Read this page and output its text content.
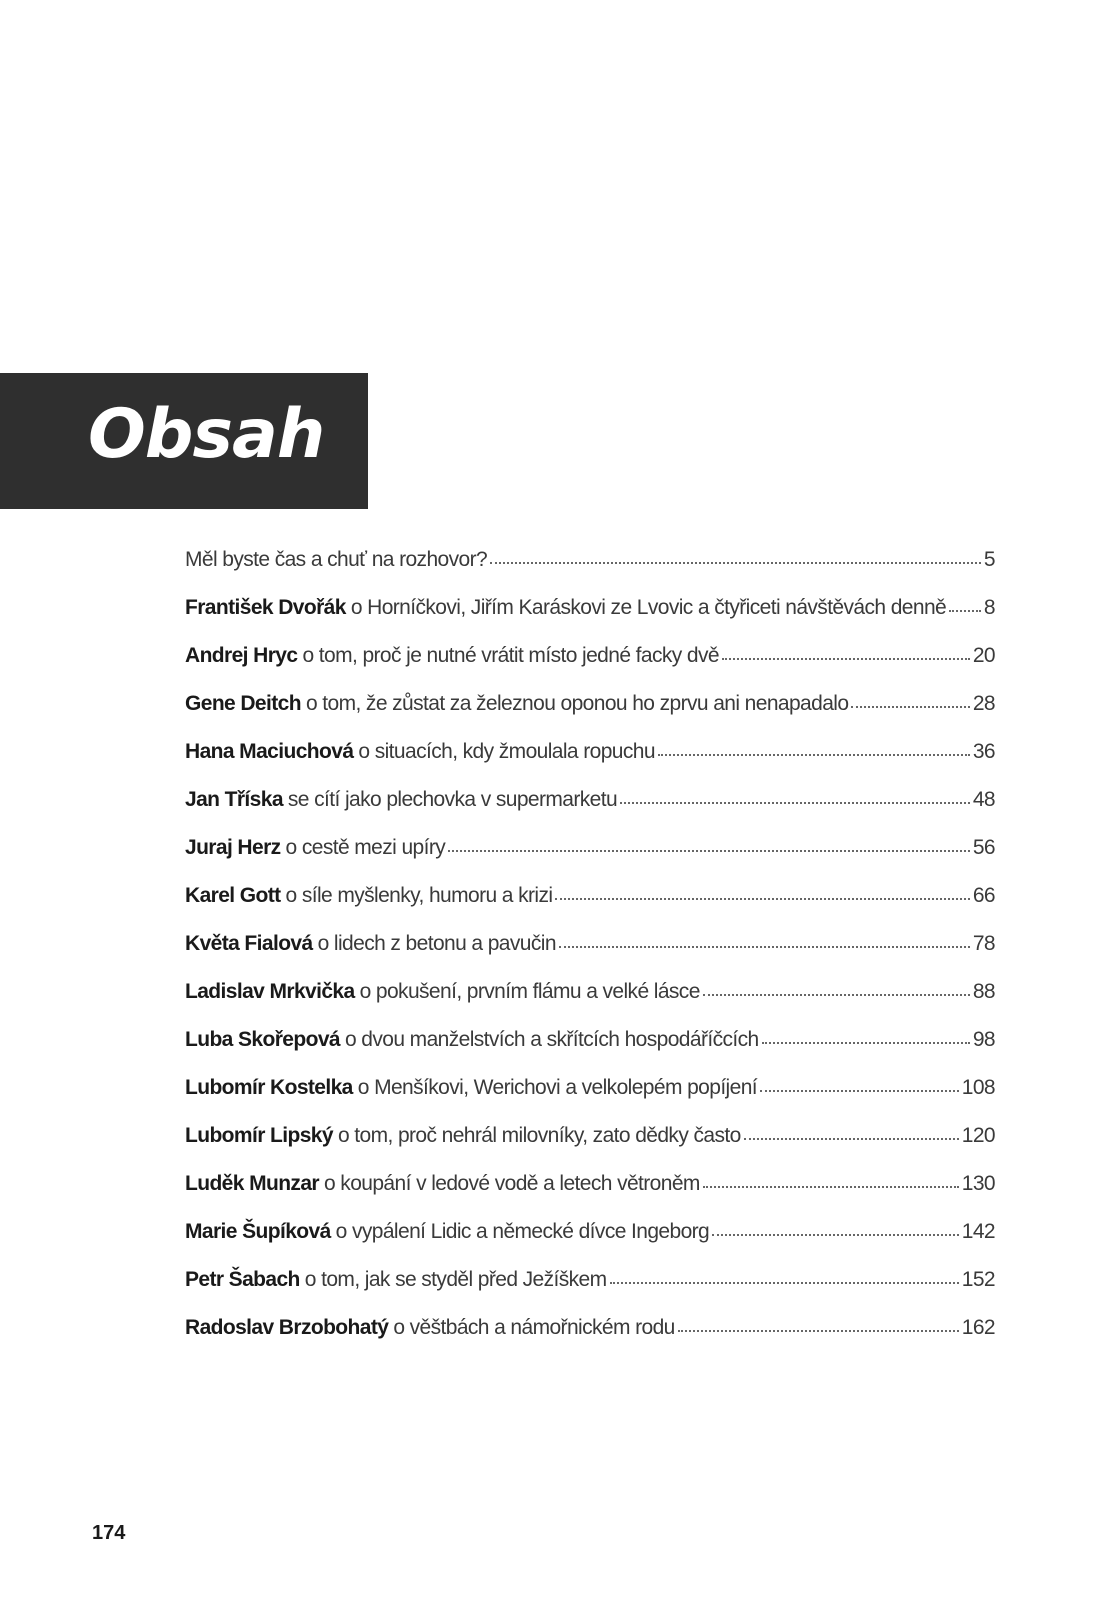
Obsah
Měl byste čas a chuť na rozhovor?	5
František Dvořák o Horníčkovi, Jiřím Karáskovi ze Lvovic a čtyřiceti návštěvách denně 8
Andrej Hryc o tom, proč je nutné vrátit místo jedné facky dvě	20
Gene Deitch o tom, že zůstat za železnou oponou ho zprvu ani nenapadalo	28
Hana Maciuchová o situacích, kdy žmoulala ropuchu	36
Jan Tříska se cítí jako plechovka v supermarketu	48
Juraj Herz o cestě mezi upíry	56
Karel Gott o síle myšlenky, humoru a krizi	66
Květa Fialová o lidech z betonu a pavučin	78
Ladislav Mrkvička o pokušení, prvním flámu a velké lásce	88
Luba Skořepová o dvou manželstvích a skřítcích hospodáříčcích	98
Lubomír Kostelka o Menšíkovi, Werichovi a velkolepém popíjení	108
Lubomír Lipský o tom, proč nehrál milovníky, zato dědky často	120
Luděk Munzar o koupání v ledové vodě a letech větroněm	130
Marie Šupíková o vypálení Lidic a německé dívce Ingeborg	142
Petr Šabach o tom, jak se styděl před Ježíškem	152
Radoslav Brzobohatý o věštbách a námořnickém rodu	162
174
